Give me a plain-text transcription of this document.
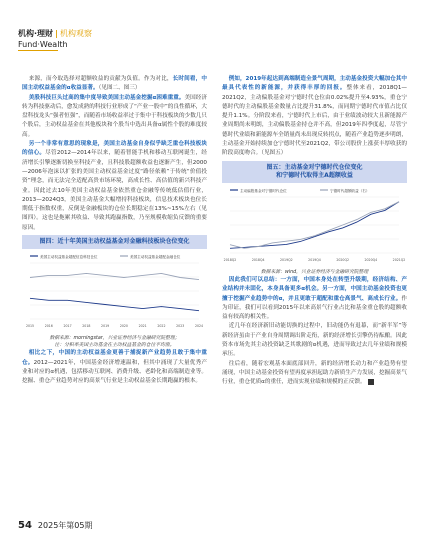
机构·理财 | 机构观察
Fund·Wealth

来源，而今取选择对超额收益的贡献为负值。作为对比，长时间看，中国主动权益基金的α收益显著。（见图二、图三）

美股科技巨头过高的集中度导致美国主动基金挖掘α困难重重。美国经济转为科技驱动后，愈发成熟的科技行业形成了“产业一股中”的良性循环，大盘科技龙头“强者恒强”，而随着市场收益率过于集中于科技板块的少数几只个股后，主动权益基金在其他板块和个股当中选出具备α属性个股的难度较高。

另一个非常有意思的现象是，美国主动基金自身似乎缺乏重仓科技板块的信心。尽管2012—2014年以来，随着智能手机和移动互联网诞生，经济增长引擎逐渐切换至科技产业，且科技股超额收益也逐渐产生，但2000—2006年泡沫以扩张的美国主动权益基金过度“路径依赖”于传统“价值投资”理念，而无法完全适配高贵市场环境，高成长性、高估值的新兴科技产业。因此过去10年美国主动权益基金依然重仓金融等传统低估值行业，2013—2024Q3，美国主动基金大幅增持科技板块，信息技术板块也位长期低于指数权重，反倒是金融板块的仓位长期稳定在13%~15%左右（见图四）。这也是拖累其收益、导致其跑赢指数，乃至规模收缩负反馈的重要原因。

图四：近十年美国主动权益基金对金融科技板块仓位变化
美国主动权益基金超配信息科技仓位	美国主动权益基金超配金融仓位
2015	2016	2017	2018	2019	2020	2021	2022	2023	2024
数据来源：morningstar，兴业证券经济与金融研究院整理；
注：分积率美国主动基金在主动权益基金的仓位平均值。

相比之下，中国的主动权益基金更善于捕捉新产业趋势且敢于集中重仓。2012—2021年，中国基金经济增速温和，但其中涌现了大量优秀产业和对应的α机遇，包括移动互联网、消费升级、老龄化和高端制造业等。挖掘、重仓产业趋势对应的高景气行业是主动权益基金长期跑赢的根本。

例如，2019年起达到高端制造全景气周期，主动基金投资大幅加仓其中最具代表性的新能源，并获得丰厚的回报。整体来看，2018Q1—2021Q2，主动偏股基金对宁德时代仓位由0.02%提升至4.93%，重仓宁德时代的主动偏股基金数量占比提升31.8%，而同期宁德时代市值占比仅提升1.1%。分阶段来看，宁德时代上市后，由于业绩波动较大且新能源产业周期尚未明朗，主动偏股基金持仓并不高，但2019年四季度起，尽管宁德时代业绩和新能源车全销量尚未出现反转拐点，随着产业趋势逐步明朗，主动基金开始持续加仓宁德时代至2021Q2，带公司股价上涨获丰厚收获的阶段高度吻合。（见图五）

图五：主动基金对宁德时代仓位变化
和宁德时代取得主A超额收益
主动偏股基金对宁德时代仓位	宁德时代超额收益（右）
2018Q2	2018Q4	2019Q2	2019Q4	2020Q2	2020Q4	2021Q2
数据来源：wind，兴业证券经济与金融研究院整理

因此我们可以总结：一方面，中国本身处在转型升级期，经济结构、产业结构并未固化，本身具备更多α机会。另一方面，中国主动基金投资也更擅于挖掘产业趋势中的α，并且更敢于超配和重仓高景气、高成长行业。作为印证，我们可以看到2015年以来高景气行业占比和基金重仓股的超额收益有较高的相关性。

近几年在经济新旧动能切换的过程中，旧动能仍有退幕，而“新半军”等新经济虽由于产业自身周期调出阶走衔，新的经济增长引擎仍待酝酿。因此资本市场先其主动投资缺乏其歌剧的α机遇，进而导致过去几年业绩和规模承压。

往后看，随着宏观基本面底部回升，新的经济增长动力和产业趋势有望涌现，中国主动基金投资有望再度承担起助力新质生产力发展，挖掘高景气行业，重仓优质α的重任，进而实现业绩和规模的正反馈。

54 2025年第05期
